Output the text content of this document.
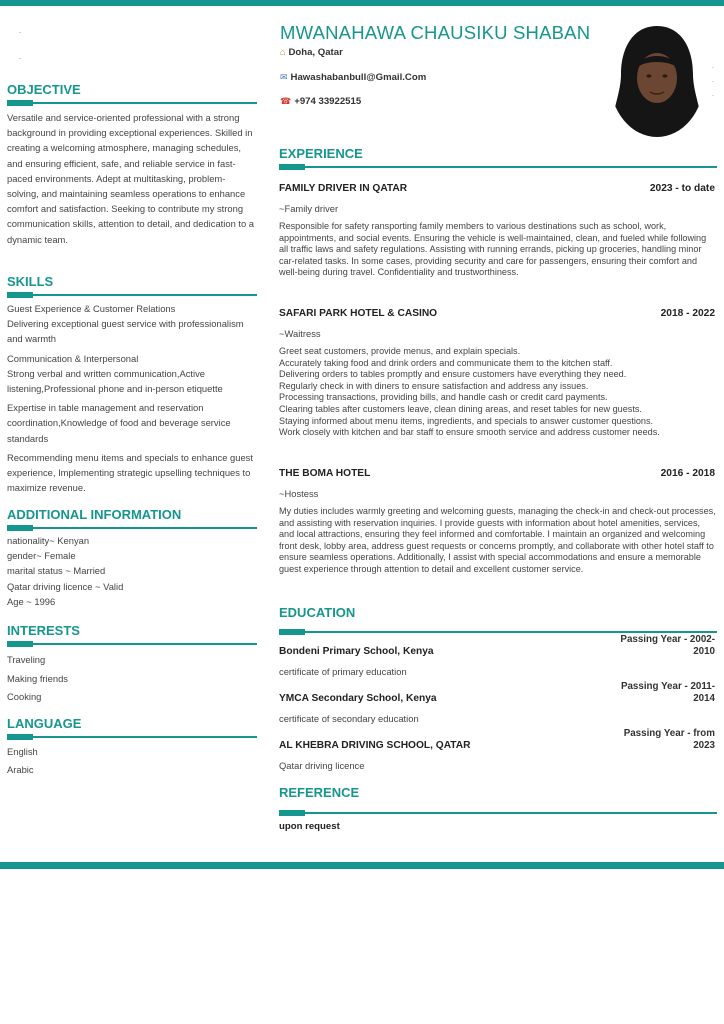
.
.
OBJECTIVE
Versatile and service-oriented professional with a strong background in providing exceptional experiences. Skilled in creating a welcoming atmosphere, managing schedules, and ensuring efficient, safe, and reliable service in fast-paced environments. Adept at multitasking, problem-solving, and maintaining seamless operations to enhance comfort and satisfaction. Seeking to contribute my strong communication skills, attention to detail, and dedication to a dynamic team.
SKILLS
Guest Experience & Customer Relations
Delivering exceptional guest service with professionalism and warmth
Communication & Interpersonal
Strong verbal and written communication,Active listening,Professional phone and in-person etiquette
Expertise in table management and reservation coordination,Knowledge of food and beverage service standards
Recommending menu items and specials to enhance guest experience, Implementing strategic upselling techniques to maximize revenue.
ADDITIONAL INFORMATION
nationality~ Kenyan
gender~ Female
marital status ~ Married
Qatar driving licence ~ Valid
Age ~ 1996
INTERESTS
Traveling
Making friends
Cooking
LANGUAGE
English
Arabic
MWANAHAWA CHAUSIKU SHABAN
⌂ Doha, Qatar
✉ Hawashabanbull@Gmail.Com
☎ +974 33922515
.
.
.
EXPERIENCE
FAMILY DRIVER IN QATAR	2023 - to date
~Family driver
Responsible for safety ransporting family members to various destinations such as school, work, appointments, and social events. Ensuring the vehicle is well-maintained, clean, and fueled while following all traffic laws and safety regulations. Assisting with running errands, picking up groceries, handling minor car-related tasks. In some cases, providing security and care for passengers, ensuring their comfort and well-being during travel. Confidentiality and trustworthiness.
SAFARI PARK HOTEL & CASINO	2018 - 2022
~Waitress
Greet seat customers, provide menus, and explain specials.
Accurately taking food and drink orders and communicate them to the kitchen staff.
Delivering orders to tables promptly and ensure customers have everything they need.
Regularly check in with diners to ensure satisfaction and address any issues.
Processing transactions, providing bills, and handle cash or credit card payments.
Clearing tables after customers leave, clean dining areas, and reset tables for new guests.
Staying informed about menu items, ingredients, and specials to answer customer questions.
Work closely with kitchen and bar staff to ensure smooth service and address customer needs.
THE BOMA HOTEL	2016 - 2018
~Hostess
My duties includes warmly greeting and welcoming guests, managing the check-in and check-out processes, and assisting with reservation inquiries. I provide guests with information about hotel amenities, services, and local attractions, ensuring they feel informed and comfortable. I maintain an organized and welcoming front desk, lobby area, address guest requests or concerns promptly, and collaborate with other hotel staff to ensure seamless operations. Additionally, I assist with special accommodations and ensure a memorable guest experience through attention to detail and excellent customer service.
EDUCATION
Passing Year - 2002-
2010
Bondeni Primary School, Kenya
certificate of primary education
Passing Year - 2011-
2014
YMCA Secondary School, Kenya
certificate of secondary education
Passing Year - from
2023
AL KHEBRA DRIVING SCHOOL, QATAR
Qatar driving licence
REFERENCE
upon request
